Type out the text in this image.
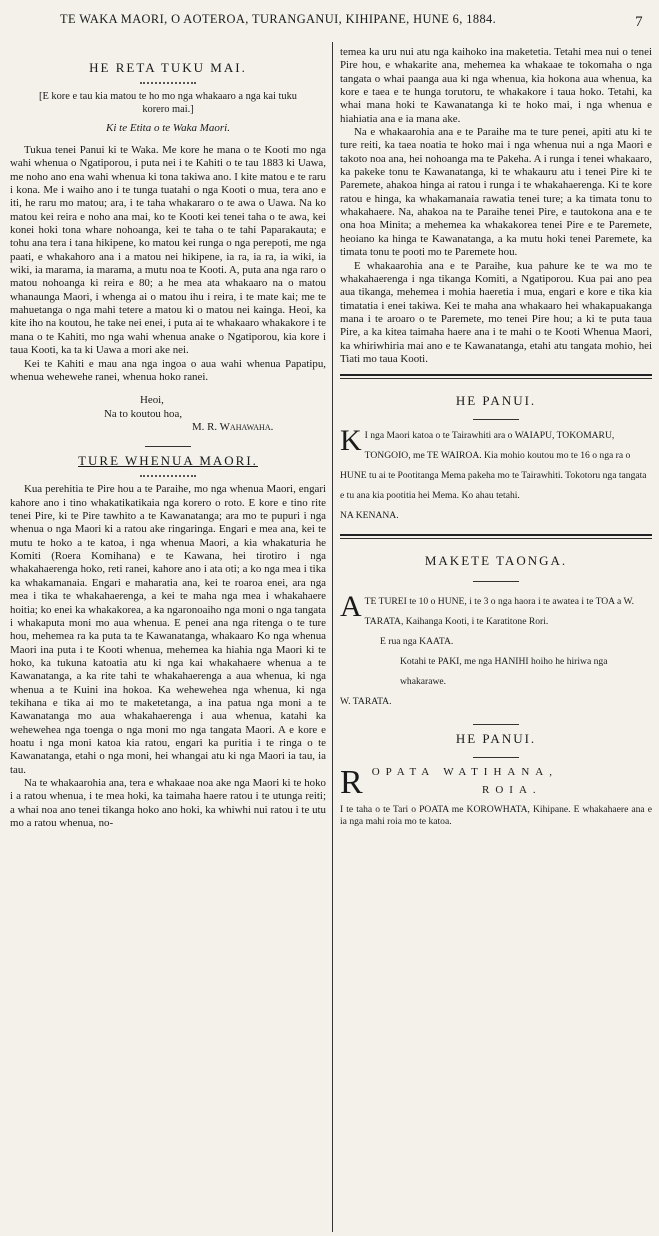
TE WAKA MAORI, O AOTEROA, TURANGANUI, KIHIPANE, HUNE 6, 1884.	7
HE RETA TUKU MAI.
[E kore e tau kia matou te ho mo nga whakaaro a nga kai tuku korero mai.]
Ki te Etita o te Waka Maori.

Tukua tenei Panui ki te Waka. Me kore he mana o te Kooti mo nga wahi whenua o Ngatiporou, i puta nei i te Kahiti o te tau 1883 ki Uawa, me noho ano ena wahi whenua ki tona takiwa ano. I kite matou e te raru i kona. Me i waiho ano i te tunga tuatahi o nga Kooti o mua, tera ano e iti, he raru mo matou; ara, i te taha whakararo o te awa o Uawa. Na ko matou kei reira e noho ana mai, ko te Kooti kei tenei taha o te awa, kei konei hoki tona whare nohoanga, kei te taha o te tahi Paparakauta; e tohu ana tera i tana hikipene, ko matou kei runga o nga perepoti, me nga paati, e whakahoro ana i a matou nei hikipene, ia ra, ia ra, ia wiki, ia wiki, ia marama, ia marama, a mutu noa te Kooti. A, puta ana nga raro o matou nohoanga ki reira e 80; a he mea ata whakaaro na o matou whanaunga Maori, i whenga ai o matou ihu i reira, i te mate kai; me te mahuetanga o nga mahi tetere a matou ki o matou nei kainga. Heoi, ka kite iho na koutou, he take nei enei, i puta ai te whakaaro whakakore i te mana o te Kahiti, mo nga wahi whenua anake o Ngatiporou, kia kore i taua Kooti, ka ta ki Uawa a mori ake nei.

Kei te Kahiti e mau ana nga ingoa o aua wahi whenua Papatipu, whenua wehewehe ranei, whenua hoko ranei.

Heoi,
Na to koutou hoa,
M. R. Wahawaha.
TURE WHENUA MAORI.

Kua perehitia te Pire hou a te Paraihe, mo nga whenua Maori, engari kahore ano i tino whakatikatikaia nga korero o roto. E kore e tino rite tenei Pire, ki te Pire tawhito a te Kawanatanga; ara mo te pupuri i nga whenua o nga Maori ki a ratou ake ringaringa. Engari e mea ana, kei te mutu te hoko a te katoa, i nga whenua Maori, a kia whakaturia he Komiti (Roera Komihana) e te Kawana, hei tirotiro i nga whakahaerenga hoko, reti ranei, kahore ano i ata oti; a ko nga mea i tika ka whakamanaia. Engari e maharatia ana, kei te roaroa enei, ara nga mea i tika te whakahaerenga, a kei te maha nga mea i whakahaere hoitia; ko enei ka whakakorea, a ka ngaronoaiho nga moni o nga tangata i whakaputa moni mo aua whenua. E penei ana nga ritenga o te ture hou, mehemea ra ka puta ta te Kawanatanga, whakaaro Ko nga whenua Maori ina puta i te Kooti whenua, mehemea ka hiahia nga Maori ki te hoko, ka tukuna katoatia atu ki nga kai whakahaere whenua a te Kawanatanga, a ka rite tahi te whakahaerenga a aua whenua, ki nga whenua a te Kuini ina hokoa. Ka wehewehea nga whenua, ki nga tekihana e tika ai mo te maketetanga, a ina patua nga moni a te Kawanatanga mo aua whakahaerenga i aua whenua, katahi ka wehewehea nga toenga o nga moni mo nga tangata Maori. A e kore e hoatu i nga moni katoa kia ratou, engari ka puritia i te ringa o te Kawanatanga, etahi o nga moni, hei whangai atu ki nga Maori ia tau, ia tau.

Na te whakaarohia ana, tera e whakaae noa ake nga Maori ki te hoko i a ratou whenua, i te mea hoki, ka taimaha haere ratou i te utunga reiti; a whai noa ano tenei tikanga hoko ano hoki, ka whiwhi nui ratou i te utu mo a ratou whenua, no-

temea ka uru nui atu nga kaihoko ina maketetia. Tetahi mea nui o tenei Pire hou, e whakarite ana, mehemea ka whakaae te tokomaha o nga tangata o whai paanga aua ki nga whenua, kia hokona aua whenua, ka kore e taea e te hunga torutoru, te whakakore i taua hoko. Tetahi, ka whai mana hoki te Kawanatanga ki te hoko mai, i nga whenua e hiahiatia ana e ia mana ake.

Na e whakaarohia ana e te Paraihe ma te ture penei, apiti atu ki te ture reiti, ka taea noatia te hoko mai i nga whenua nui a nga Maori e takoto noa ana, hei nohoanga ma te Pakeha. A i runga i tenei whakaaro, ka pakeke tonu te Kawanatanga, ki te whakauru atu i tenei Pire ki te Paremete, ahakoa hinga ai ratou i runga i te whakahaerenga. Ki te kore ratou e hinga, ka whakamanaia rawatia tenei ture; a ka timata tonu to whakahaere. Na, ahakoa na te Paraihe tenei Pire, e tautokona ana e te ona hoa Minita; a mehemea ka whakakorea tenei Pire e te Paremete, heoiano ka hinga te Kawanatanga, a ka mutu hoki tenei Paremete, ka timata tonu te pooti mo te Paremete hou.

E whakaarohia ana e te Paraihe, kua pahure ke te wa mo te whakahaerenga i nga tikanga Komiti, a Ngatiporou. Kua pai ano pea aua tikanga, mehemea i mohia haeretia i mua, engari e kore e tika kia timatatia i enei takiwa. Kei te maha ana whakaaro hei whakapuakanga mana i te aroaro o te Paremete, mo tenei Pire hou; a ki te puta taua Pire, a ka kitea taimaha haere ana i te mahi o te Kooti Whenua Maori, ka whiriwhiria mai ano e te Kawanatanga, etahi atu tangata mohio, hei Tiati mo taua Kooti.

HE PANUI.

K I nga Maori katoa o te Tairawhiti ara o WAIAPU, TOKOMARU, TONGOIO, me TE WAIROA. Kia mohio koutou mo te 16 o nga ra o HUNE tu ai te Pootitanga Mema pakeha mo te Tairawhiti. Tokotoru nga tangata e tu ana kia pootitia hei Mema. Ko ahau tetahi.

NA KENANA.

MAKETE TAONGA.

A TE TUREI te 10 o HUNE, i te 3 o nga haora i te awatea i te TOA a W. TARATA, Kaihanga Kooti, i te Karatitone Rori.

E rua nga KAATA.

Kotahi te PAKI, me nga HANIHI hoiho he hiriwa nga whakarawe.

W. TARATA.

HE PANUI.
R OPATA WATIHANA,
ROIA.

I te taha o te Tari o POATA me KOROWHATA, Kihipane. E whakahaere ana e ia nga mahi roia mo te katoa.
